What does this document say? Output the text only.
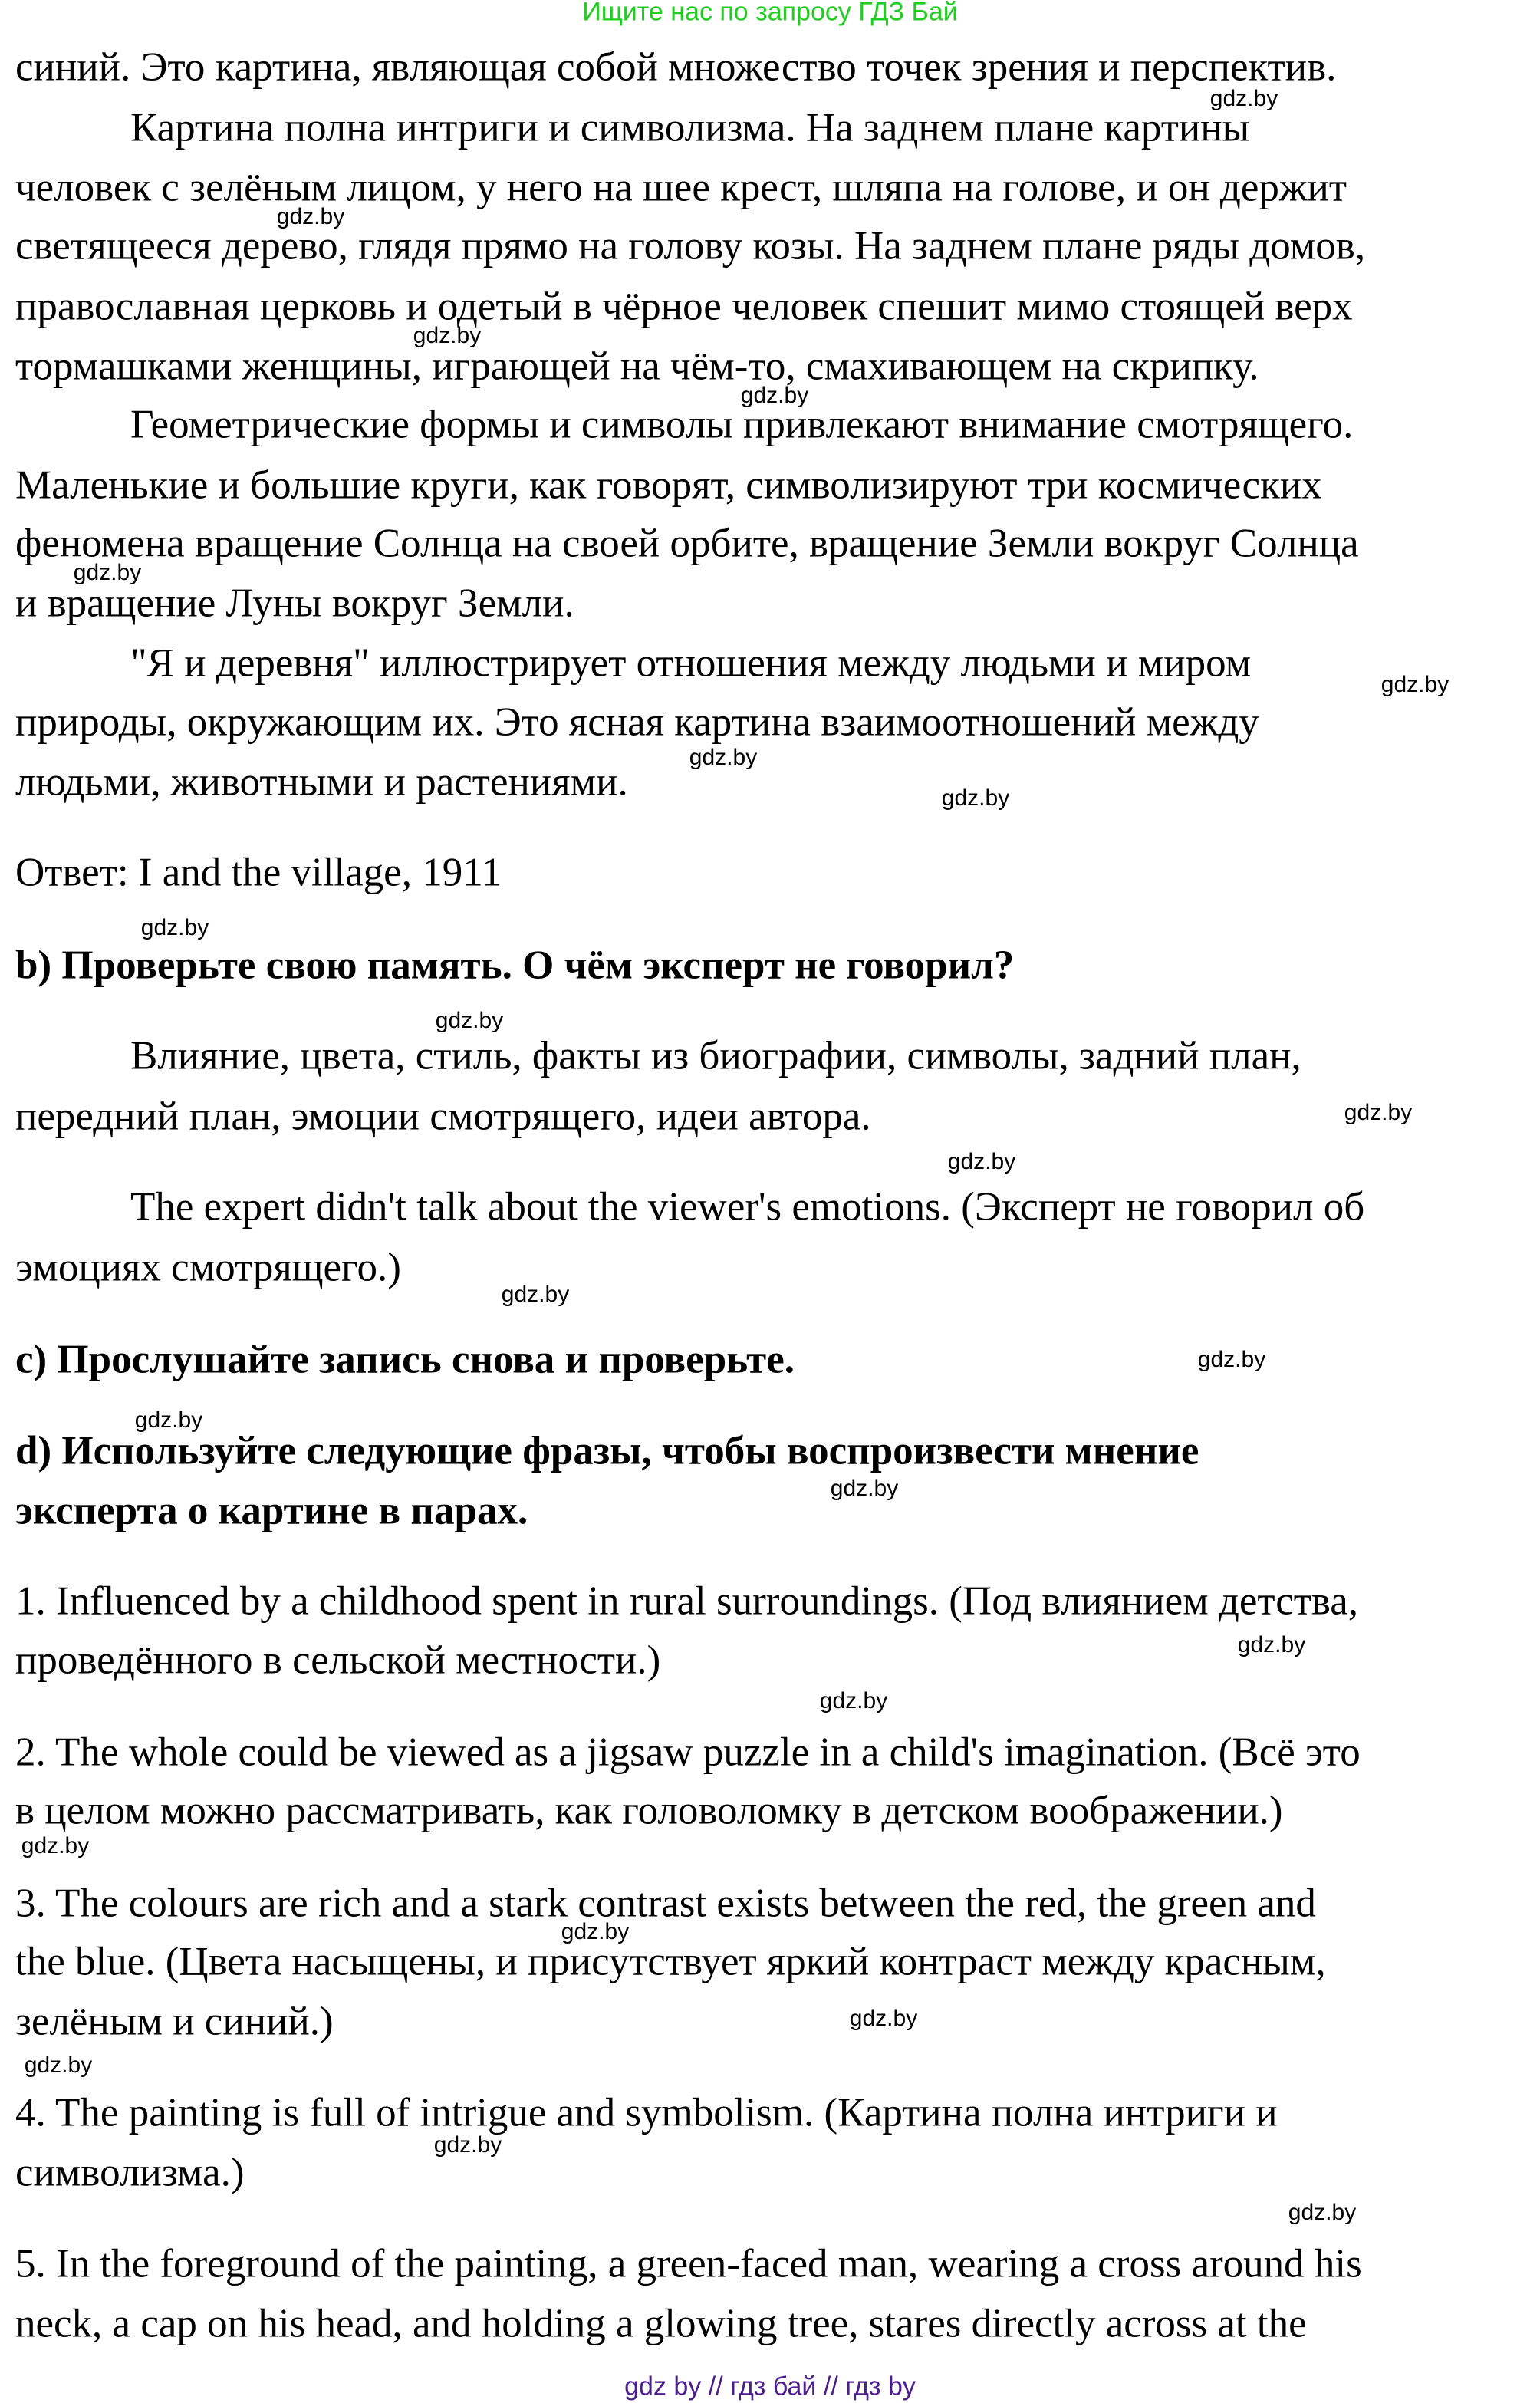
Ищите нас по запросу ГДЗ Бай
синий. Это картина, являющая собой множество точек зрения и перспектив.
Картина полна интриги и символизма. На заднем плане картины
человек с зелёным лицом, у него на шее крест, шляпа на голове, и он держит
светящееся дерево, глядя прямо на голову козы. На заднем плане ряды домов,
православная церковь и одетый в чёрное человек спешит мимо стоящей верх
тормашками женщины, играющей на чём-то, смахивающем на скрипку.
Геометрические формы и символы привлекают внимание смотрящего.
Маленькие и большие круги, как говорят, символизируют три космических
феномена вращение Солнца на своей орбите, вращение Земли вокруг Солнца
и вращение Луны вокруг Земли.
"Я и деревня" иллюстрирует отношения между людьми и миром
природы, окружающим их. Это ясная картина взаимоотношений между
людьми, животными и растениями.
Ответ: I and the village, 1911
b) Проверьте свою память. О чём эксперт не говорил?
Влияние, цвета, стиль, факты из биографии, символы, задний план,
передний план, эмоции смотрящего, идеи автора.
The expert didn't talk about the viewer's emotions. (Эксперт не говорил об
эмоциях смотрящего.)
c) Прослушайте запись снова и проверьте.
d) Используйте следующие фразы, чтобы воспроизвести мнение
эксперта о картине в парах.
1. Influenced by a childhood spent in rural surroundings. (Под влиянием детства,
проведённого в сельской местности.)
2. The whole could be viewed as a jigsaw puzzle in a child's imagination. (Всё это
в целом можно рассматривать, как головоломку в детском воображении.)
3. The colours are rich and a stark contrast exists between the red, the green and
the blue. (Цвета насыщены, и присутствует яркий контраст между красным,
зелёным и синий.)
4. The painting is full of intrigue and symbolism. (Картина полна интриги и
символизма.)
5. In the foreground of the painting, a green-faced man, wearing a cross around his
neck, a cap on his head, and holding a glowing tree, stares directly across at the
gdz.by
gdz.by
gdz.by
gdz.by
gdz.by
gdz.by
gdz.by
gdz.by
gdz.by
gdz.by
gdz.by
gdz.by
gdz.by
gdz.by
gdz.by
gdz.by
gdz.by
gdz.by
gdz.by
gdz.by
gdz.by
gdz.by
gdz.by
gdz.by
gdz by // гдз бай // гдз by
